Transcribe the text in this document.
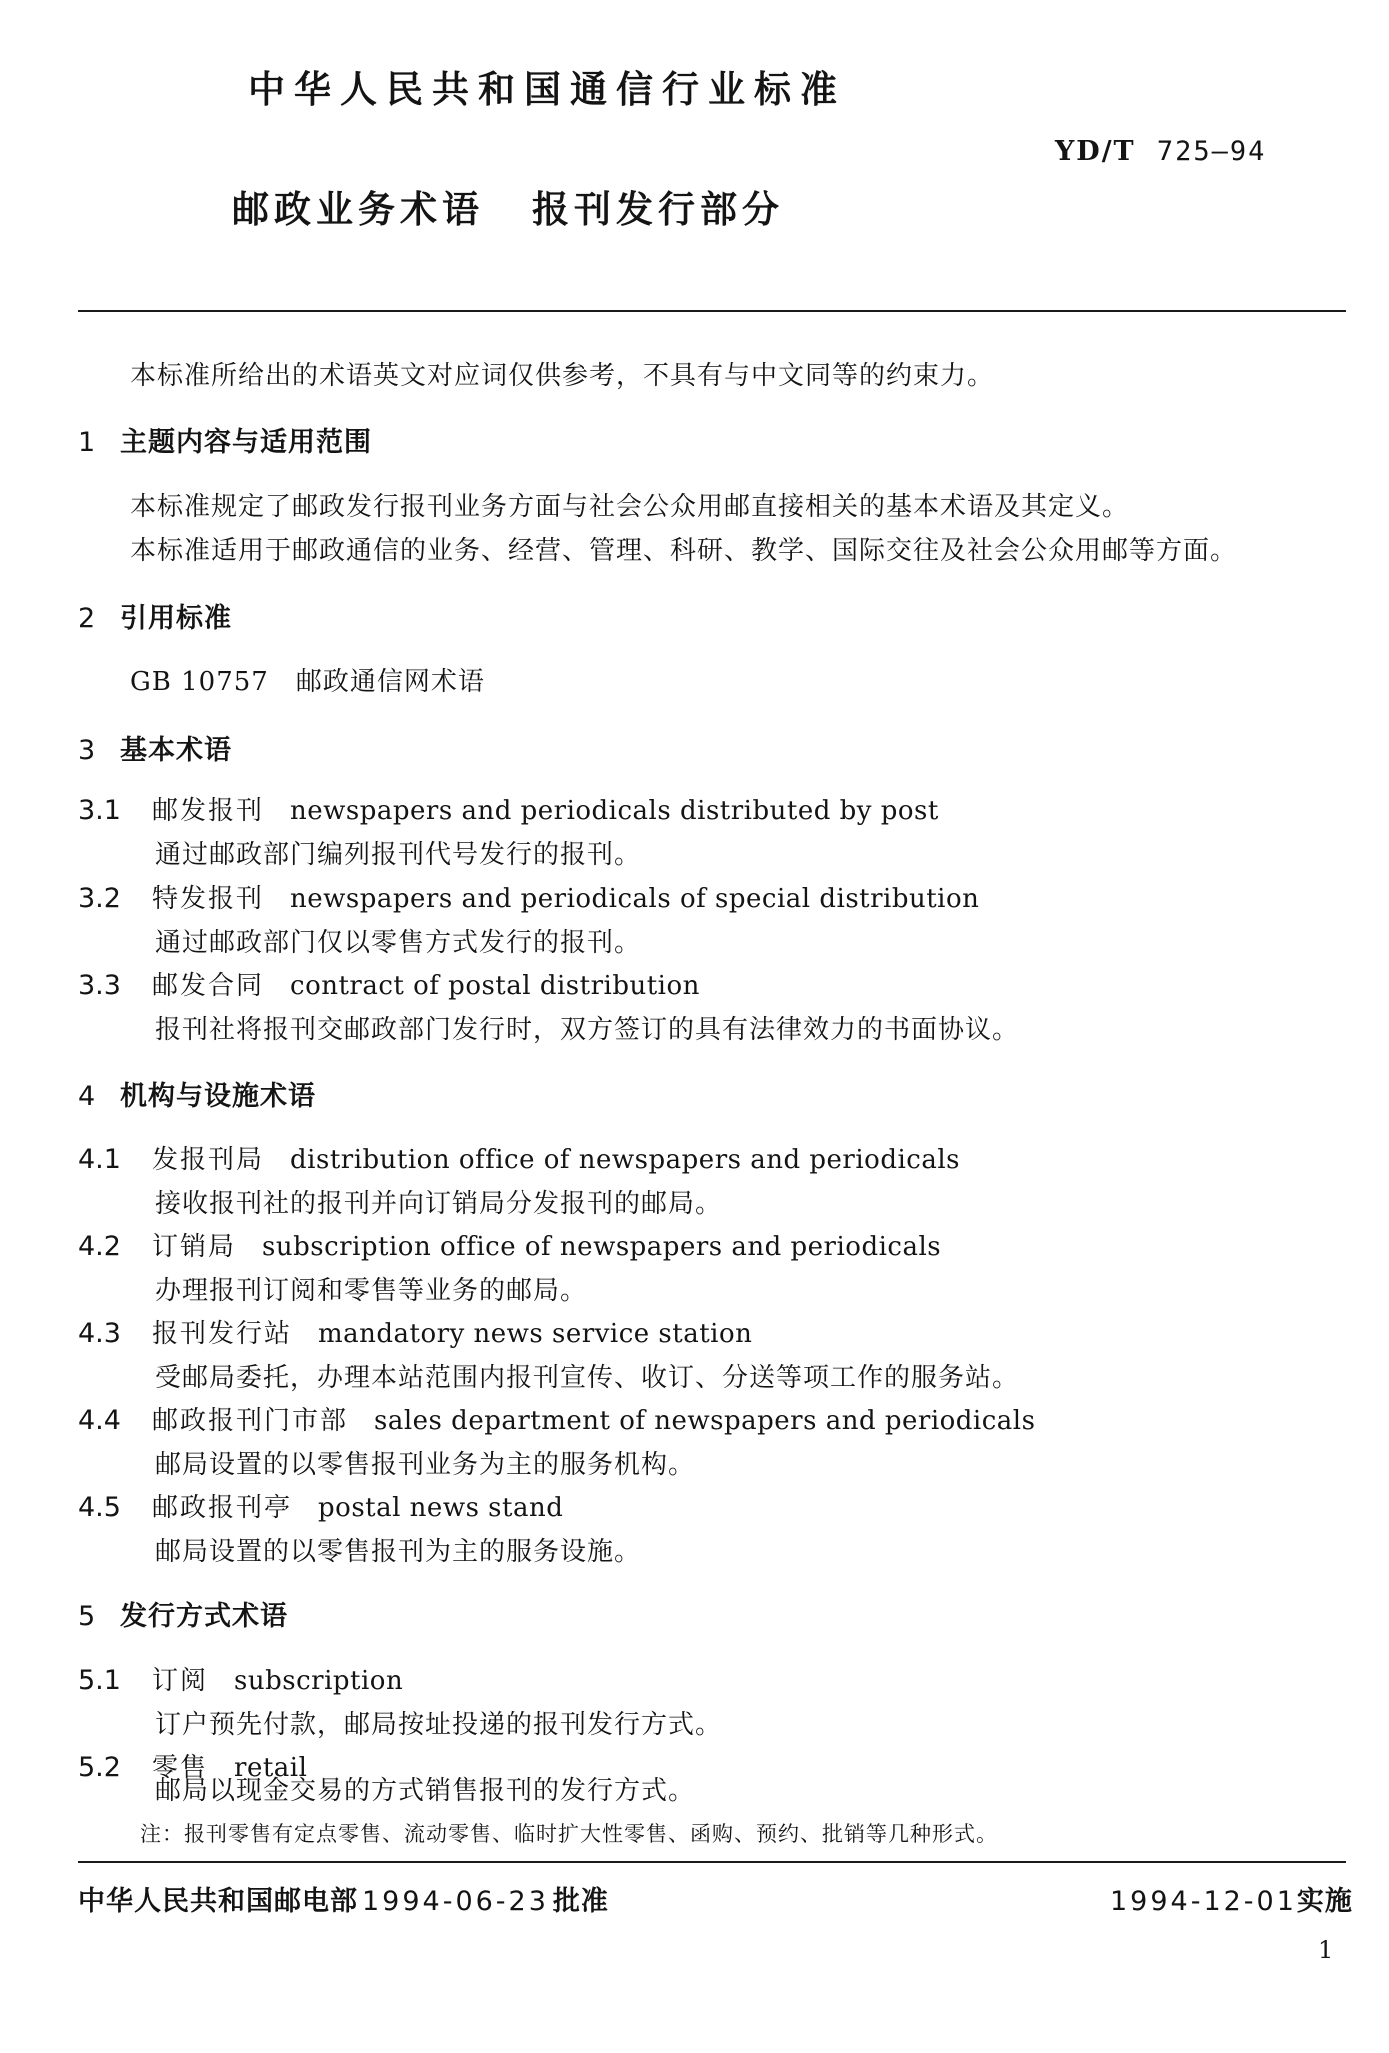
中华人民共和国通信行业标准
YD/T 725—94
邮政业务术语 报刊发行部分
本标准所给出的术语英文对应词仅供参考，不具有与中文同等的约束力。
1 主题内容与适用范围
本标准规定了邮政发行报刊业务方面与社会公众用邮直接相关的基本术语及其定义。
本标准适用于邮政通信的业务、经营、管理、科研、教学、国际交往及社会公众用邮等方面。
2 引用标准
GB 10757　邮政通信网术语
3 基本术语
3.1 邮发报刊 newspapers and periodicals distributed by post
通过邮政部门编列报刊代号发行的报刊。
3.2 特发报刊 newspapers and periodicals of special distribution
通过邮政部门仅以零售方式发行的报刊。
3.3 邮发合同 contract of postal distribution
报刊社将报刊交邮政部门发行时，双方签订的具有法律效力的书面协议。
4 机构与设施术语
4.1 发报刊局 distribution office of newspapers and periodicals
接收报刊社的报刊并向订销局分发报刊的邮局。
4.2 订销局 subscription office of newspapers and periodicals
办理报刊订阅和零售等业务的邮局。
4.3 报刊发行站 mandatory news service station
受邮局委托，办理本站范围内报刊宣传、收订、分送等项工作的服务站。
4.4 邮政报刊门市部 sales department of newspapers and periodicals
邮局设置的以零售报刊业务为主的服务机构。
4.5 邮政报刊亭 postal news stand
邮局设置的以零售报刊为主的服务设施。
5 发行方式术语
5.1 订阅 subscription
订户预先付款，邮局按址投递的报刊发行方式。
5.2 零售 retail
邮局以现金交易的方式销售报刊的发行方式。
注：报刊零售有定点零售、流动零售、临时扩大性零售、函购、预约、批销等几种形式。
中华人民共和国邮电部 1994-06-23 批准	1994-12-01实施
1
